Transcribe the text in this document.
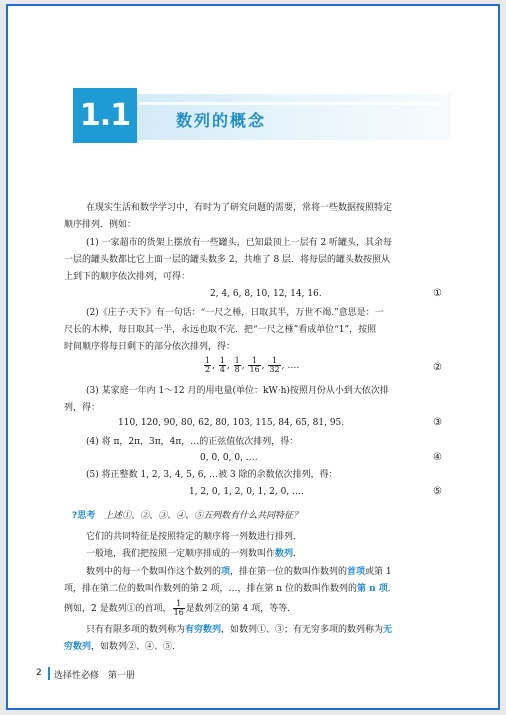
1.1	数列的概念
在现实生活和数学学习中，有时为了研究问题的需要，常将一些数据按照特定
顺序排列．例如：
(1) 一家超市的货架上摆放有一些罐头，已知最顶上一层有 2 听罐头，其余每
一层的罐头数都比它上面一层的罐头数多 2，共堆了 8 层．将每层的罐头数按照从
上到下的顺序依次排列，可得：
2, 4, 6, 8, 10, 12, 14, 16.	①
(2)《庄子·天下》有一句话：“一尺之棰，日取其半，万世不竭.”意思是：一
尺长的木棒，每日取其一半，永远也取不完．把“一尺之棰”看成单位“1”，按照
时间顺序将每日剩下的部分依次排列，得：
$\frac{1}{2}$ , $\frac{1}{4}$ , $\frac{1}{8}$ , $\frac{1}{16}$ , $\frac{1}{32}$ , ….	②
(3) 某家庭一年内 1～12 月的用电量(单位：kW·h)按照月份从小到大依次排
列，得：
110, 120, 90, 80, 62, 80, 103, 115, 84, 65, 81, 95.	③
(4) 将 π，2π，3π，4π，…的正弦值依次排列，得：
0, 0, 0, 0, ….	④
(5) 将正整数 1, 2, 3, 4, 5, 6, …被 3 除的余数依次排列，得：
1, 2, 0, 1, 2, 0, 1, 2, 0, ….	⑤
?思考 上述①、②、③、④、⑤五列数有什么共同特征？
它们的共同特征是按照特定的顺序将一列数进行排列．
一般地，我们把按照一定顺序排成的一列数叫作数列．
数列中的每一个数叫作这个数列的项，排在第一位的数叫作数列的首项或第 1
项，排在第二位的数叫作数列的第 2 项，…，排在第 n 位的数叫作数列的第 n 项．
例如，2 是数列①的首项， $\frac{1}{16}$ 是数列②的第 4 项，等等．
只有有限多项的数列称为有穷数列，如数列①、③；有无穷多项的数列称为无
穷数列，如数列②、④、⑤．
2 选择性必修　第一册
